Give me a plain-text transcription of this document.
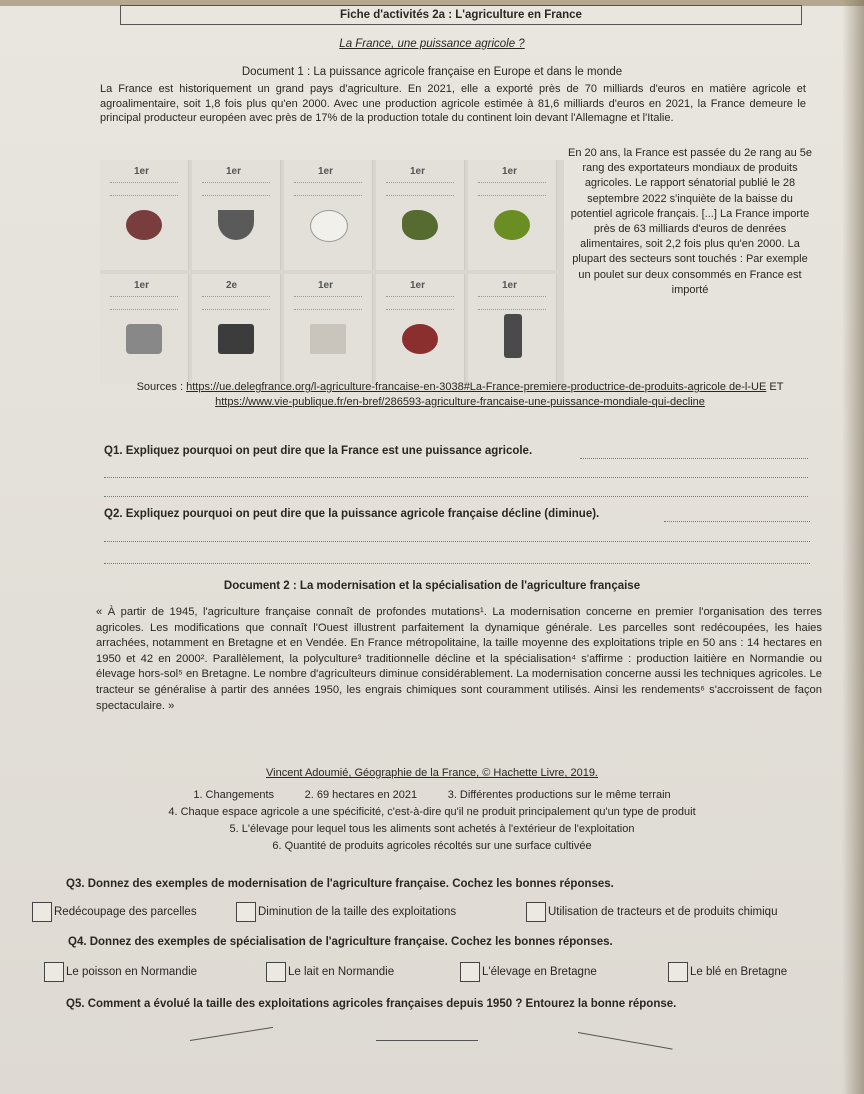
Fiche d'activités 2a : L'agriculture en France
La France, une puissance agricole ?
Document 1 : La puissance agricole française en Europe et dans le monde
La France est historiquement un grand pays d'agriculture. En 2021, elle a exporté près de 70 milliards d'euros en matière agricole et agroalimentaire, soit 1,8 fois plus qu'en 2000. Avec une production agricole estimée à 81,6 milliards d'euros en 2021, la France demeure le principal producteur européen avec près de 17% de la production totale du continent loin devant l'Allemagne et l'Italie.
1er	1er	1er	1er	1er
1er	2e	1er	1er	1er
En 20 ans, la France est passée du 2e rang au 5e rang des exportateurs mondiaux de produits agricoles. Le rapport sénatorial publié le 28 septembre 2022 s'inquiète de la baisse du potentiel agricole français. [...] La France importe près de 63 milliards d'euros de denrées alimentaires, soit 2,2 fois plus qu'en 2000. La plupart des secteurs sont touchés : Par exemple un poulet sur deux consommés en France est importé
Sources : https://ue.delegfrance.org/l-agriculture-francaise-en-3038#La-France-premiere-productrice-de-produits-agricole de-l-UE ET https://www.vie-publique.fr/en-bref/286593-agriculture-francaise-une-puissance-mondiale-qui-decline
Q1. Expliquez pourquoi on peut dire que la France est une puissance agricole.
Q2. Expliquez pourquoi on peut dire que la puissance agricole française décline (diminue).
Document 2 : La modernisation et la spécialisation de l'agriculture française
« À partir de 1945, l'agriculture française connaît de profondes mutations¹. La modernisation concerne en premier l'organisation des terres agricoles. Les modifications que connaît l'Ouest illustrent parfaitement la dynamique générale. Les parcelles sont redécoupées, les haies arrachées, notamment en Bretagne et en Vendée. En France métropolitaine, la taille moyenne des exploitations triple en 50 ans : 14 hectares en 1950 et 42 en 2000². Parallèlement, la polyculture³ traditionnelle décline et la spécialisation⁴ s'affirme : production laitière en Normandie ou élevage hors-sol⁵ en Bretagne. Le nombre d'agriculteurs diminue considérablement. La modernisation concerne aussi les techniques agricoles. Le tracteur se généralise à partir des années 1950, les engrais chimiques sont couramment utilisés. Ainsi les rendements⁶ s'accroissent de façon spectaculaire. »
Vincent Adoumié, Géographie de la France, © Hachette Livre, 2019.
1. Changements          2. 69 hectares en 2021          3. Différentes productions sur le même terrain
4. Chaque espace agricole a une spécificité, c'est-à-dire qu'il ne produit principalement qu'un type de produit
5. L'élevage pour lequel tous les aliments sont achetés à l'extérieur de l'exploitation
6. Quantité de produits agricoles récoltés sur une surface cultivée
Q3. Donnez des exemples de modernisation de l'agriculture française. Cochez les bonnes réponses.
Redécoupage des parcelles	Diminution de la taille des exploitations	Utilisation de tracteurs et de produits chimiqu
Q4. Donnez des exemples de spécialisation de l'agriculture française. Cochez les bonnes réponses.
Le poisson en Normandie	Le lait en Normandie	L'élevage en Bretagne	Le blé en Bretagne
Q5. Comment a évolué la taille des exploitations agricoles françaises depuis 1950 ? Entourez la bonne réponse.
